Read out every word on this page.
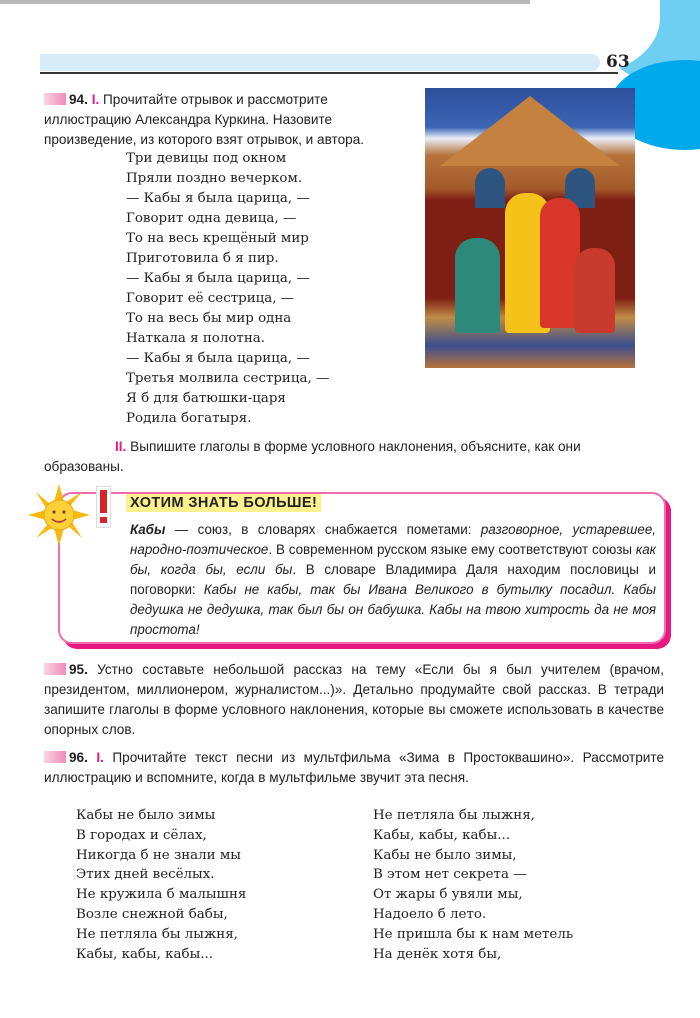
63
94. I. Прочитайте отрывок и рассмотрите иллюстрацию Александра Куркина. Назовите произведение, из которого взят отрывок, и автора.
Три девицы под окном
Пряли поздно вечерком.
— Кабы я была царица, —
Говорит одна девица, —
То на весь крещёный мир
Приготовила б я пир.
— Кабы я была царица, —
Говорит её сестрица, —
То на весь бы мир одна
Наткала я полотна.
— Кабы я была царица, —
Третья молвила сестрица, —
Я б для батюшки-царя
Родила богатыря.
II. Выпишите глаголы в форме условного наклонения, объясните, как они образованы.
ХОТИМ ЗНАТЬ БОЛЬШЕ!
Кабы — союз, в словарях снабжается пометами: разговорное, устаревшее, народно-поэтическое. В современном русском языке ему соответствуют союзы как бы, когда бы, если бы. В словаре Владимира Даля находим пословицы и поговорки: Кабы не кабы, так бы Ивана Великого в бутылку посадил. Кабы дедушка не дедушка, так был бы он бабушка. Кабы на твою хитрость да не моя простота!
95. Устно составьте небольшой рассказ на тему «Если бы я был учителем (врачом, президентом, миллионером, журналистом...)». Детально продумайте свой рассказ. В тетради запишите глаголы в форме условного наклонения, которые вы сможете использовать в качестве опорных слов.
96. I. Прочитайте текст песни из мультфильма «Зима в Простоквашино». Рассмотрите иллюстрацию и вспомните, когда в мультфильме звучит эта песня.
Кабы не было зимы
В городах и сёлах,
Никогда б не знали мы
Этих дней весёлых.
Не кружила б малышня
Возле снежной бабы,
Не петляла бы лыжня,
Кабы, кабы, кабы...
Не петляла бы лыжня,
Кабы, кабы, кабы...
Кабы не было зимы,
В этом нет секрета —
От жары б увяли мы,
Надоело б лето.
Не пришла бы к нам метель
На денёк хотя бы,
